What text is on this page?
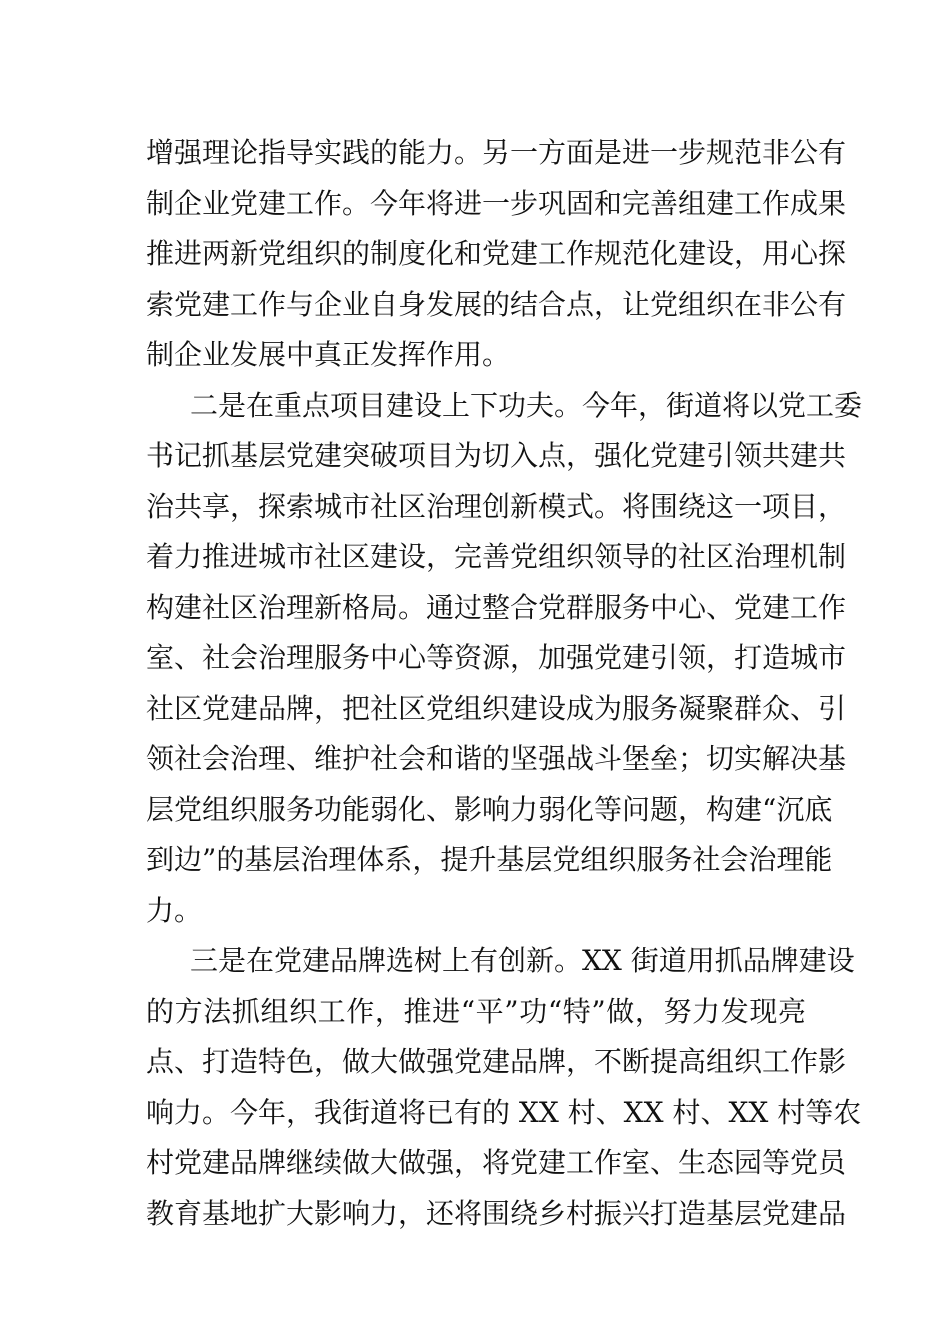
增强理论指导实践的能力。另一方面是进一步规范非公有
制企业党建工作。今年将进一步巩固和完善组建工作成果
推进两新党组织的制度化和党建工作规范化建设，用心探
索党建工作与企业自身发展的结合点，让党组织在非公有
制企业发展中真正发挥作用。
二是在重点项目建设上下功夫。今年，街道将以党工委
书记抓基层党建突破项目为切入点，强化党建引领共建共
治共享，探索城市社区治理创新模式。将围绕这一项目，
着力推进城市社区建设，完善党组织领导的社区治理机制
构建社区治理新格局。通过整合党群服务中心、党建工作
室、社会治理服务中心等资源，加强党建引领，打造城市
社区党建品牌，把社区党组织建设成为服务凝聚群众、引
领社会治理、维护社会和谐的坚强战斗堡垒；切实解决基
层党组织服务功能弱化、影响力弱化等问题，构建“沉底
到边”的基层治理体系，提升基层党组织服务社会治理能
力。
三是在党建品牌选树上有创新。XX 街道用抓品牌建设
的方法抓组织工作，推进“平”功“特”做，努力发现亮
点、打造特色，做大做强党建品牌，不断提高组织工作影
响力。今年，我街道将已有的 XX 村、XX 村、XX 村等农
村党建品牌继续做大做强，将党建工作室、生态园等党员
教育基地扩大影响力，还将围绕乡村振兴打造基层党建品
